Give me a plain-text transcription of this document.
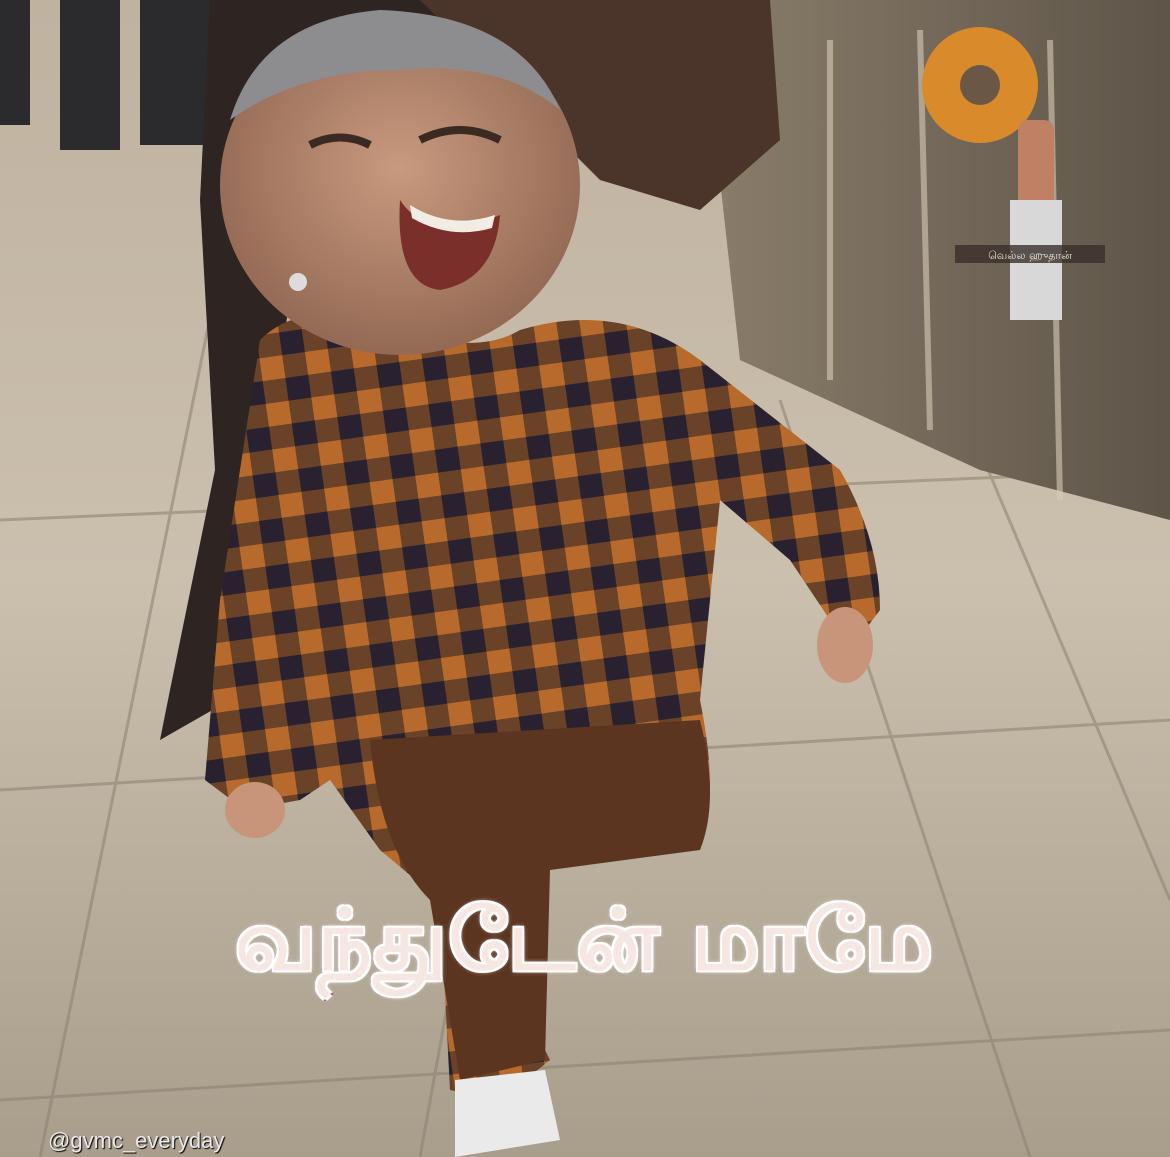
வெல்ல ஹுதான்
வந்துடேன் மாமே
@gvmc_everyday
